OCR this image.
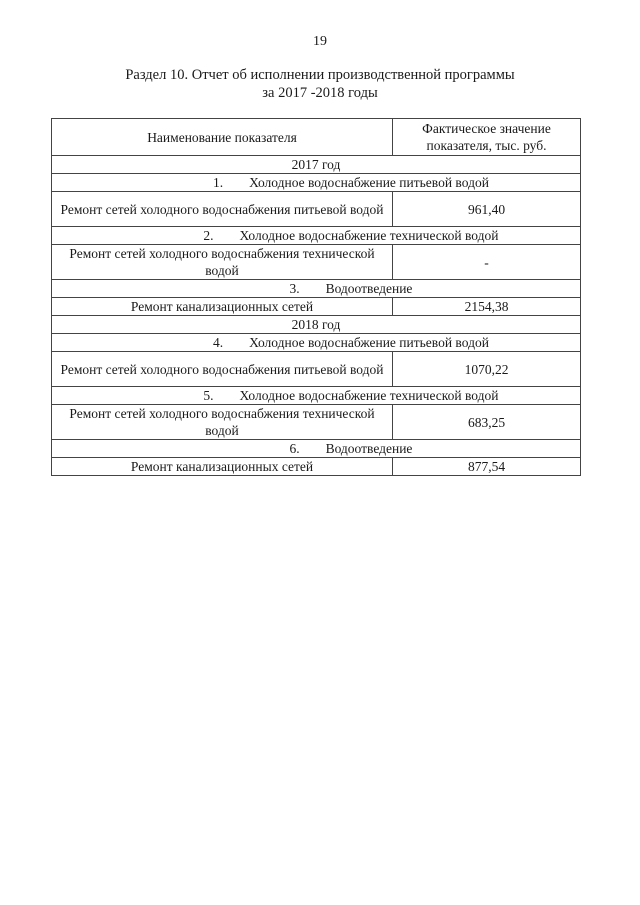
19
Раздел 10. Отчет об исполнении производственной программы
за 2017 -2018 годы
Наименование показателя	Фактическое значение показателя, тыс. руб.
2017 год	
1. Холодное водоснабжение питьевой водой	
Ремонт сетей холодного водоснабжения питьевой водой	961,40
2. Холодное водоснабжение технической водой	
Ремонт сетей холодного водоснабжения технической водой	-
3. Водоотведение	
Ремонт канализационных сетей	2154,38
2018 год	
4. Холодное водоснабжение питьевой водой	
Ремонт сетей холодного водоснабжения питьевой водой	1070,22
5. Холодное водоснабжение технической водой	
Ремонт сетей холодного водоснабжения технической водой	683,25
6. Водоотведение	
Ремонт канализационных сетей	877,54
